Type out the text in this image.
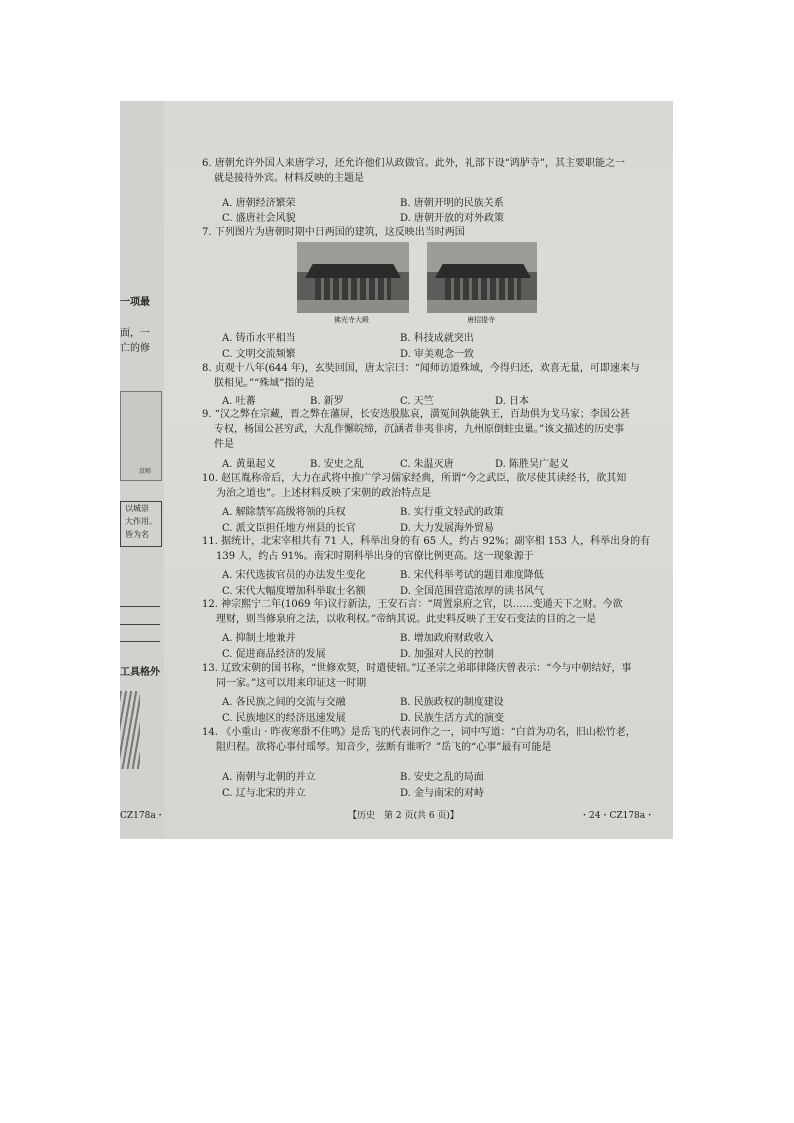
一项最
面，一
亡的修
京师
以城崇
大作用。
皆为名
工具格外
CZ178a・
6. 唐朝允许外国人来唐学习，还允许他们从政做官。此外，礼部下设“鸿胪寺”，其主要职能之一
就是接待外宾。材料反映的主题是
A. 唐朝经济繁荣	B. 唐朝开明的民族关系
C. 盛唐社会风貌	D. 唐朝开放的对外政策
7. 下列图片为唐朝时期中日两国的建筑，这反映出当时两国
佛光寺大殿	唐招提寺
A. 铸币水平相当	B. 科技成就突出
C. 文明交流频繁	D. 审美观念一致
8. 贞观十八年(644 年)，玄奘回国，唐太宗曰：“闻师访道殊域，今得归还，欢喜无量，可即速来与
朕相见。”“殊域”指的是
A. 吐蕃	B. 新罗	C. 天竺	D. 日本
9. “汉之弊在宗藏，晋之弊在藩屏，长安迭股肱哀，潢冤间孰能孰王，百劫俱为戈马家；李国公甚
专权，杨国公甚穷武，大乱作懈皖缔，沉涵者非夷非虏，九州原倒蛀虫巢。”该文描述的历史事
件是
A. 黄巢起义	B. 安史之乱	C. 朱温灭唐	D. 陈胜吴广起义
10. 赵匡胤称帝后，大力在武将中推广学习儒家经典，所谓“今之武臣，欲尽使其读经书，欲其知
为治之道也”。上述材料反映了宋朝的政治特点是
A. 解除禁军高级将领的兵权	B. 实行重文轻武的政策
C. 派文臣担任地方州县的长官	D. 大力发展海外贸易
11. 据统计，北宋宰相共有 71 人，科举出身的有 65 人，约占 92%；副宰相 153 人，科举出身的有
139 人，约占 91%。南宋时期科举出身的官僚比例更高。这一现象源于
A. 宋代选拔官员的办法发生变化	B. 宋代科举考试的题目难度降低
C. 宋代大幅度增加科举取士名额	D. 全国范围营造浓厚的读书风气
12. 神宗熙宁二年(1069 年)议行新法，王安石言：“周置泉府之官，以……变通天下之财。今欲
理财，则当修泉府之法，以收利权。”帝纳其说。此史料反映了王安石变法的目的之一是
A. 抑制土地兼并	B. 增加政府财政收入
C. 促进商品经济的发展	D. 加强对人民的控制
13. 辽致宋朝的国书称，“世修欢契，时遣使轺。”辽圣宗之弟耶律隆庆曾表示：“今与中朝结好，事
同一家。”这可以用来印证这一时期
A. 各民族之间的交流与交融	B. 民族政权的制度建设
C. 民族地区的经济迅速发展	D. 民族生活方式的演变
14. 《小重山 · 昨夜寒蛩不住鸣》是岳飞的代表词作之一，词中写道：“白首为功名，旧山松竹老，
阻归程。欲将心事付瑶琴。知音少，弦断有谁听？”岳飞的“心事”最有可能是
A. 南朝与北朝的并立	B. 安史之乱的局面
C. 辽与北宋的并立	D. 金与南宋的对峙
【历史　第 2 页(共 6 页)】	・24・CZ178a・
